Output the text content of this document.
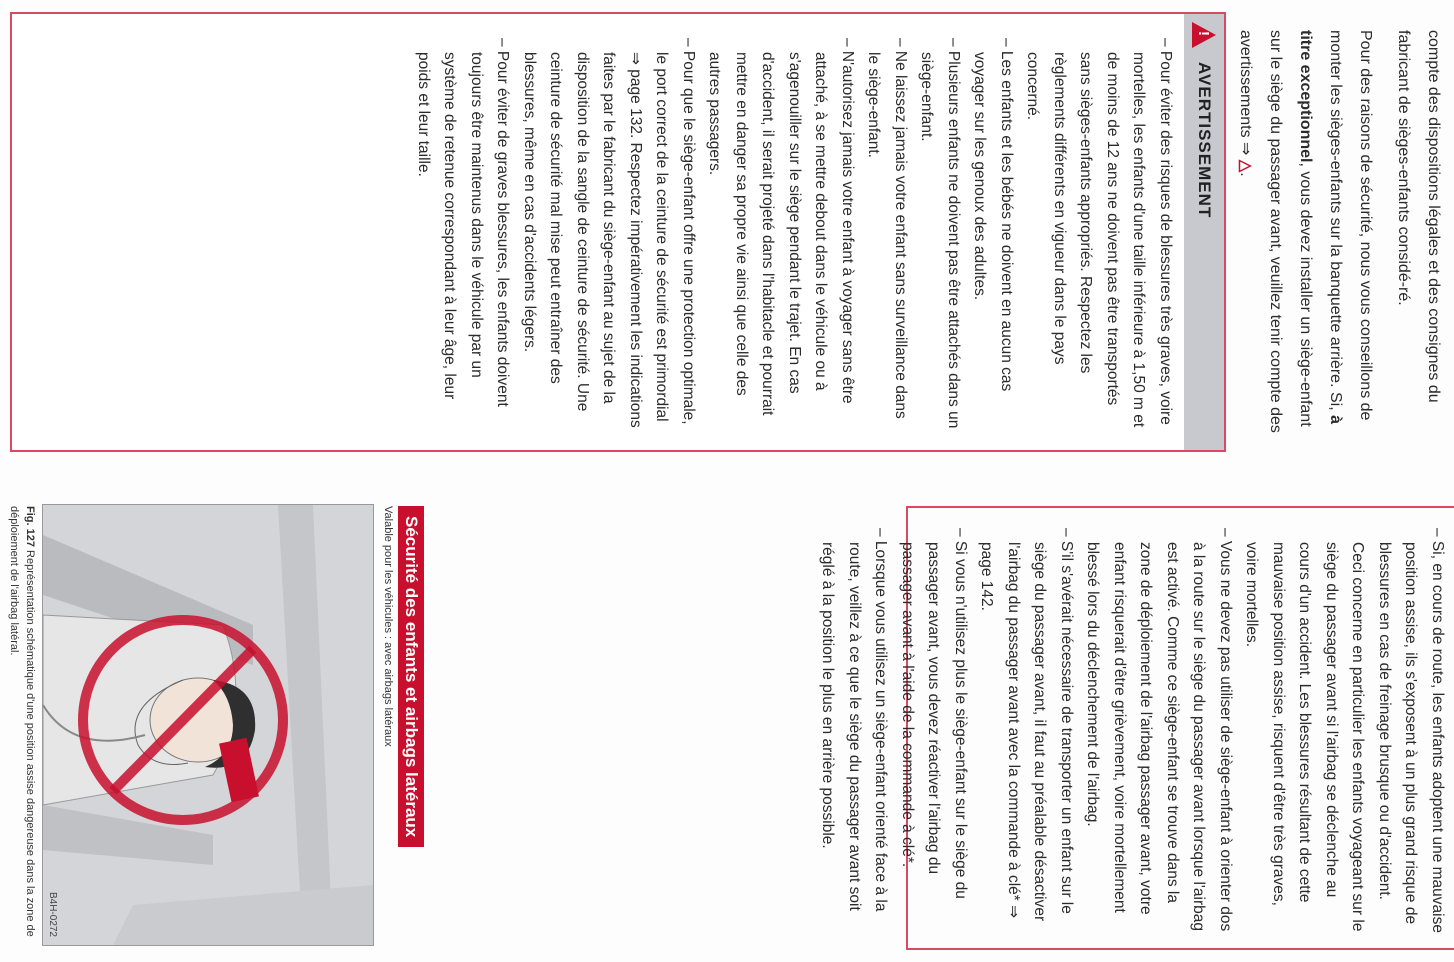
compte des dispositions légales et des consignes du fabricant de sièges-enfants considé-ré.

Pour des raisons de sécurité, nous vous conseillons de monter les sièges-enfants sur la banquette arrière. Si, à titre exceptionnel, vous devez installer un siège-enfant sur le siège du passager avant, veuillez tenir compte des avertissements ⇒ △.

!
AVERTISSEMENT

– Pour éviter des risques de blessures très graves, voire mortelles, les enfants d'une taille inférieure à 1,50 m et de moins de 12 ans ne doivent pas être transportés sans sièges-enfants appropriés. Respectez les règlements différents en vigueur dans le pays concerné.

– Les enfants et les bébés ne doivent en aucun cas voyager sur les genoux des adultes.

– Plusieurs enfants ne doivent pas être attachés dans un siège-enfant.

– Ne laissez jamais votre enfant sans surveillance dans le siège-enfant.

– N'autorisez jamais votre enfant à voyager sans être attaché, à se mettre debout dans le véhicule ou à s'agenouiller sur le siège pendant le trajet. En cas d'accident, il serait projeté dans l'habitacle et pourrait mettre en danger sa propre vie ainsi que celle des autres passagers.

– Pour que le siège-enfant offre une protection optimale, le port correct de la ceinture de sécurité est primordial ⇒ page 132. Respectez impérativement les indications faites par le fabricant du siège-enfant au sujet de la disposition de la sangle de ceinture de sécurité. Une ceinture de sécurité mal mise peut entraîner des blessures, même en cas d'accidents légers.

– Pour éviter de graves blessures, les enfants doivent toujours être maintenus dans le véhicule par un système de retenue correspondant à leur âge, leur poids et leur taille.

– Si, en cours de route, les enfants adoptent une mauvaise position assise, ils s'exposent à un plus grand risque de blessures en cas de freinage brusque ou d'accident. Ceci concerne en particulier les enfants voyageant sur le siège du passager avant si l'airbag se déclenche au cours d'un accident. Les blessures résultant de cette mauvaise position assise, risquent d'être très graves, voire mortelles.

– Vous ne devez pas utiliser de siège-enfant à orienter dos à la route sur le siège du passager avant lorsque l'airbag est activé. Comme ce siège-enfant se trouve dans la zone de déploiement de l'airbag passager avant, votre enfant risquerait d'être grièvement, voire mortellement blessé lors du déclenchement de l'airbag.

– S'il s'avérait nécessaire de transporter un enfant sur le siège du passager avant, il faut au préalable désactiver l'airbag du passager avant avec la commande à clé* ⇒ page 142.

– Si vous n'utilisez plus le siège-enfant sur le siège du passager avant, vous devez réactiver l'airbag du passager avant à l'aide de la commande à clé*.

– Lorsque vous utilisez un siège-enfant orienté face à la route, veillez à ce que le siège du passager avant soit réglé à la position le plus en arrière possible.

Sécurité des enfants et airbags latéraux
Valable pour les véhicules : avec airbags latéraux
B4H-0272
Fig. 127 Représentation schématique d'une position assise dangereuse dans la zone de déploiement de l'airbag latéral.
